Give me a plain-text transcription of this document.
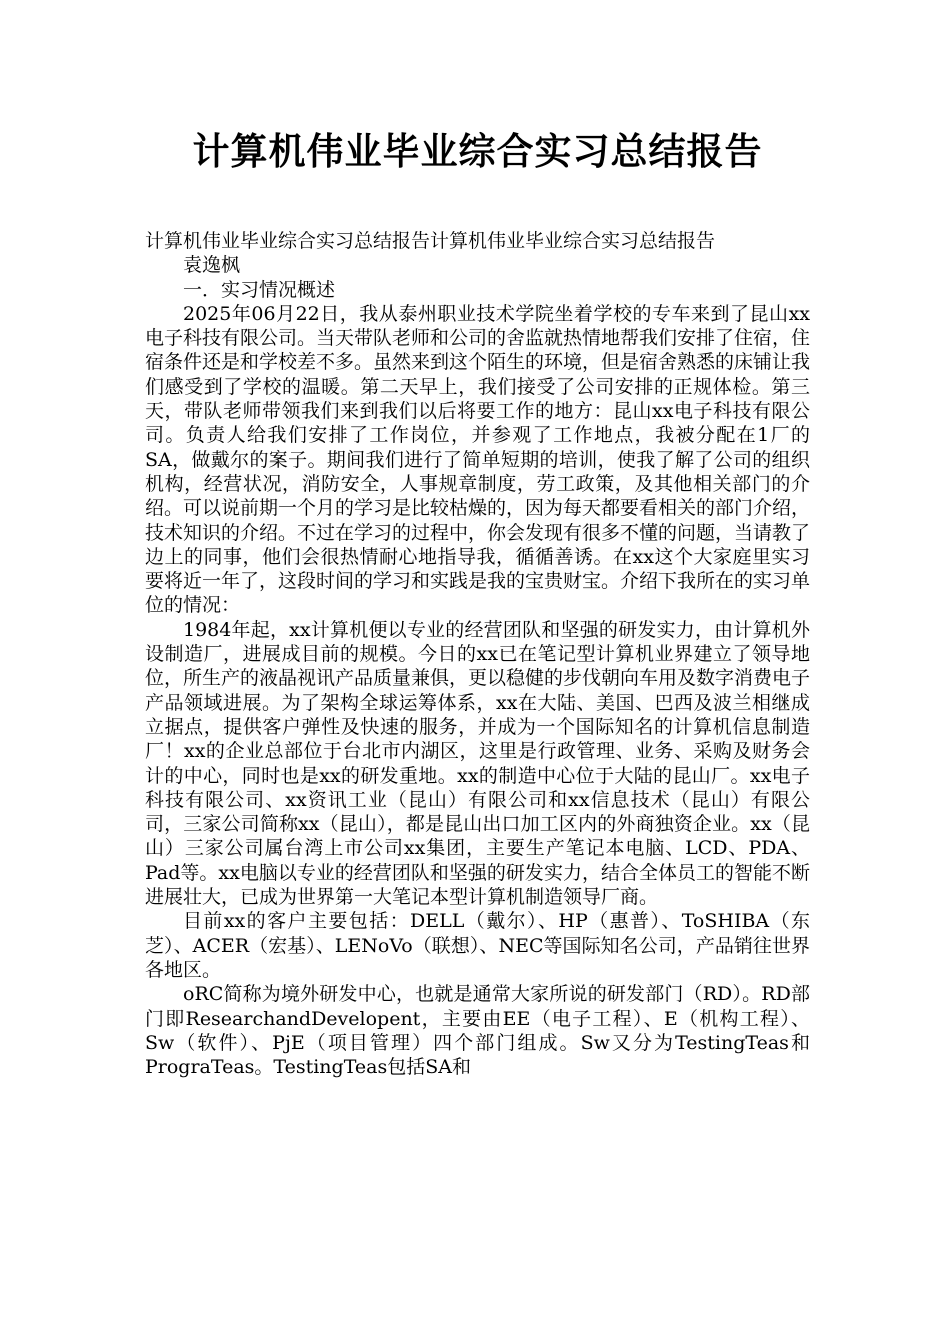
计算机伟业毕业综合实习总结报告

计算机伟业毕业综合实习总结报告计算机伟业毕业综合实习总结报告

袁逸枫

一．实习情况概述

2025年06月22日，我从泰州职业技术学院坐着学校的专车来到了昆山xx电子科技有限公司。当天带队老师和公司的舍监就热情地帮我们安排了住宿，住宿条件还是和学校差不多。虽然来到这个陌生的环境，但是宿舍熟悉的床铺让我们感受到了学校的温暖。第二天早上，我们接受了公司安排的正规体检。第三天，带队老师带领我们来到我们以后将要工作的地方：昆山xx电子科技有限公司。负责人给我们安排了工作岗位，并参观了工作地点，我被分配在1厂的SA，做戴尔的案子。期间我们进行了简单短期的培训，使我了解了公司的组织机构，经营状况，消防安全，人事规章制度，劳工政策，及其他相关部门的介绍。可以说前期一个月的学习是比较枯燥的，因为每天都要看相关的部门介绍，技术知识的介绍。不过在学习的过程中，你会发现有很多不懂的问题，当请教了边上的同事，他们会很热情耐心地指导我，循循善诱。在xx这个大家庭里实习要将近一年了，这段时间的学习和实践是我的宝贵财宝。介绍下我所在的实习单位的情况：

1984年起，xx计算机便以专业的经营团队和坚强的研发实力，由计算机外设制造厂，进展成目前的规模。今日的xx已在笔记型计算机业界建立了领导地位，所生产的液晶视讯产品质量兼俱，更以稳健的步伐朝向车用及数字消费电子产品领域进展。为了架构全球运筹体系，xx在大陆、美国、巴西及波兰相继成立据点，提供客户弹性及快速的服务，并成为一个国际知名的计算机信息制造厂！xx的企业总部位于台北市内湖区，这里是行政管理、业务、采购及财务会计的中心，同时也是xx的研发重地。xx的制造中心位于大陆的昆山厂。xx电子科技有限公司、xx资讯工业（昆山）有限公司和xx信息技术（昆山）有限公司，三家公司简称xx（昆山），都是昆山出口加工区内的外商独资企业。xx（昆山）三家公司属台湾上市公司xx集团，主要生产笔记本电脑、LCD、PDA、Pad等。xx电脑以专业的经营团队和坚强的研发实力，结合全体员工的智能不断进展壮大，已成为世界第一大笔记本型计算机制造领导厂商。

目前xx的客户主要包括：DELL（戴尔）、HP（惠普）、ToSHIBA（东芝）、ACER（宏基）、LENoVo（联想）、NEC等国际知名公司，产品销往世界各地区。

oRC简称为境外研发中心，也就是通常大家所说的研发部门（RD）。RD部门即ResearchandDevelopent，主要由EE（电子工程）、E（机构工程）、Sw（软件）、PjE（项目管理）四个部门组成。Sw又分为TestingTeas和PrograTeas。TestingTeas包括SA和
